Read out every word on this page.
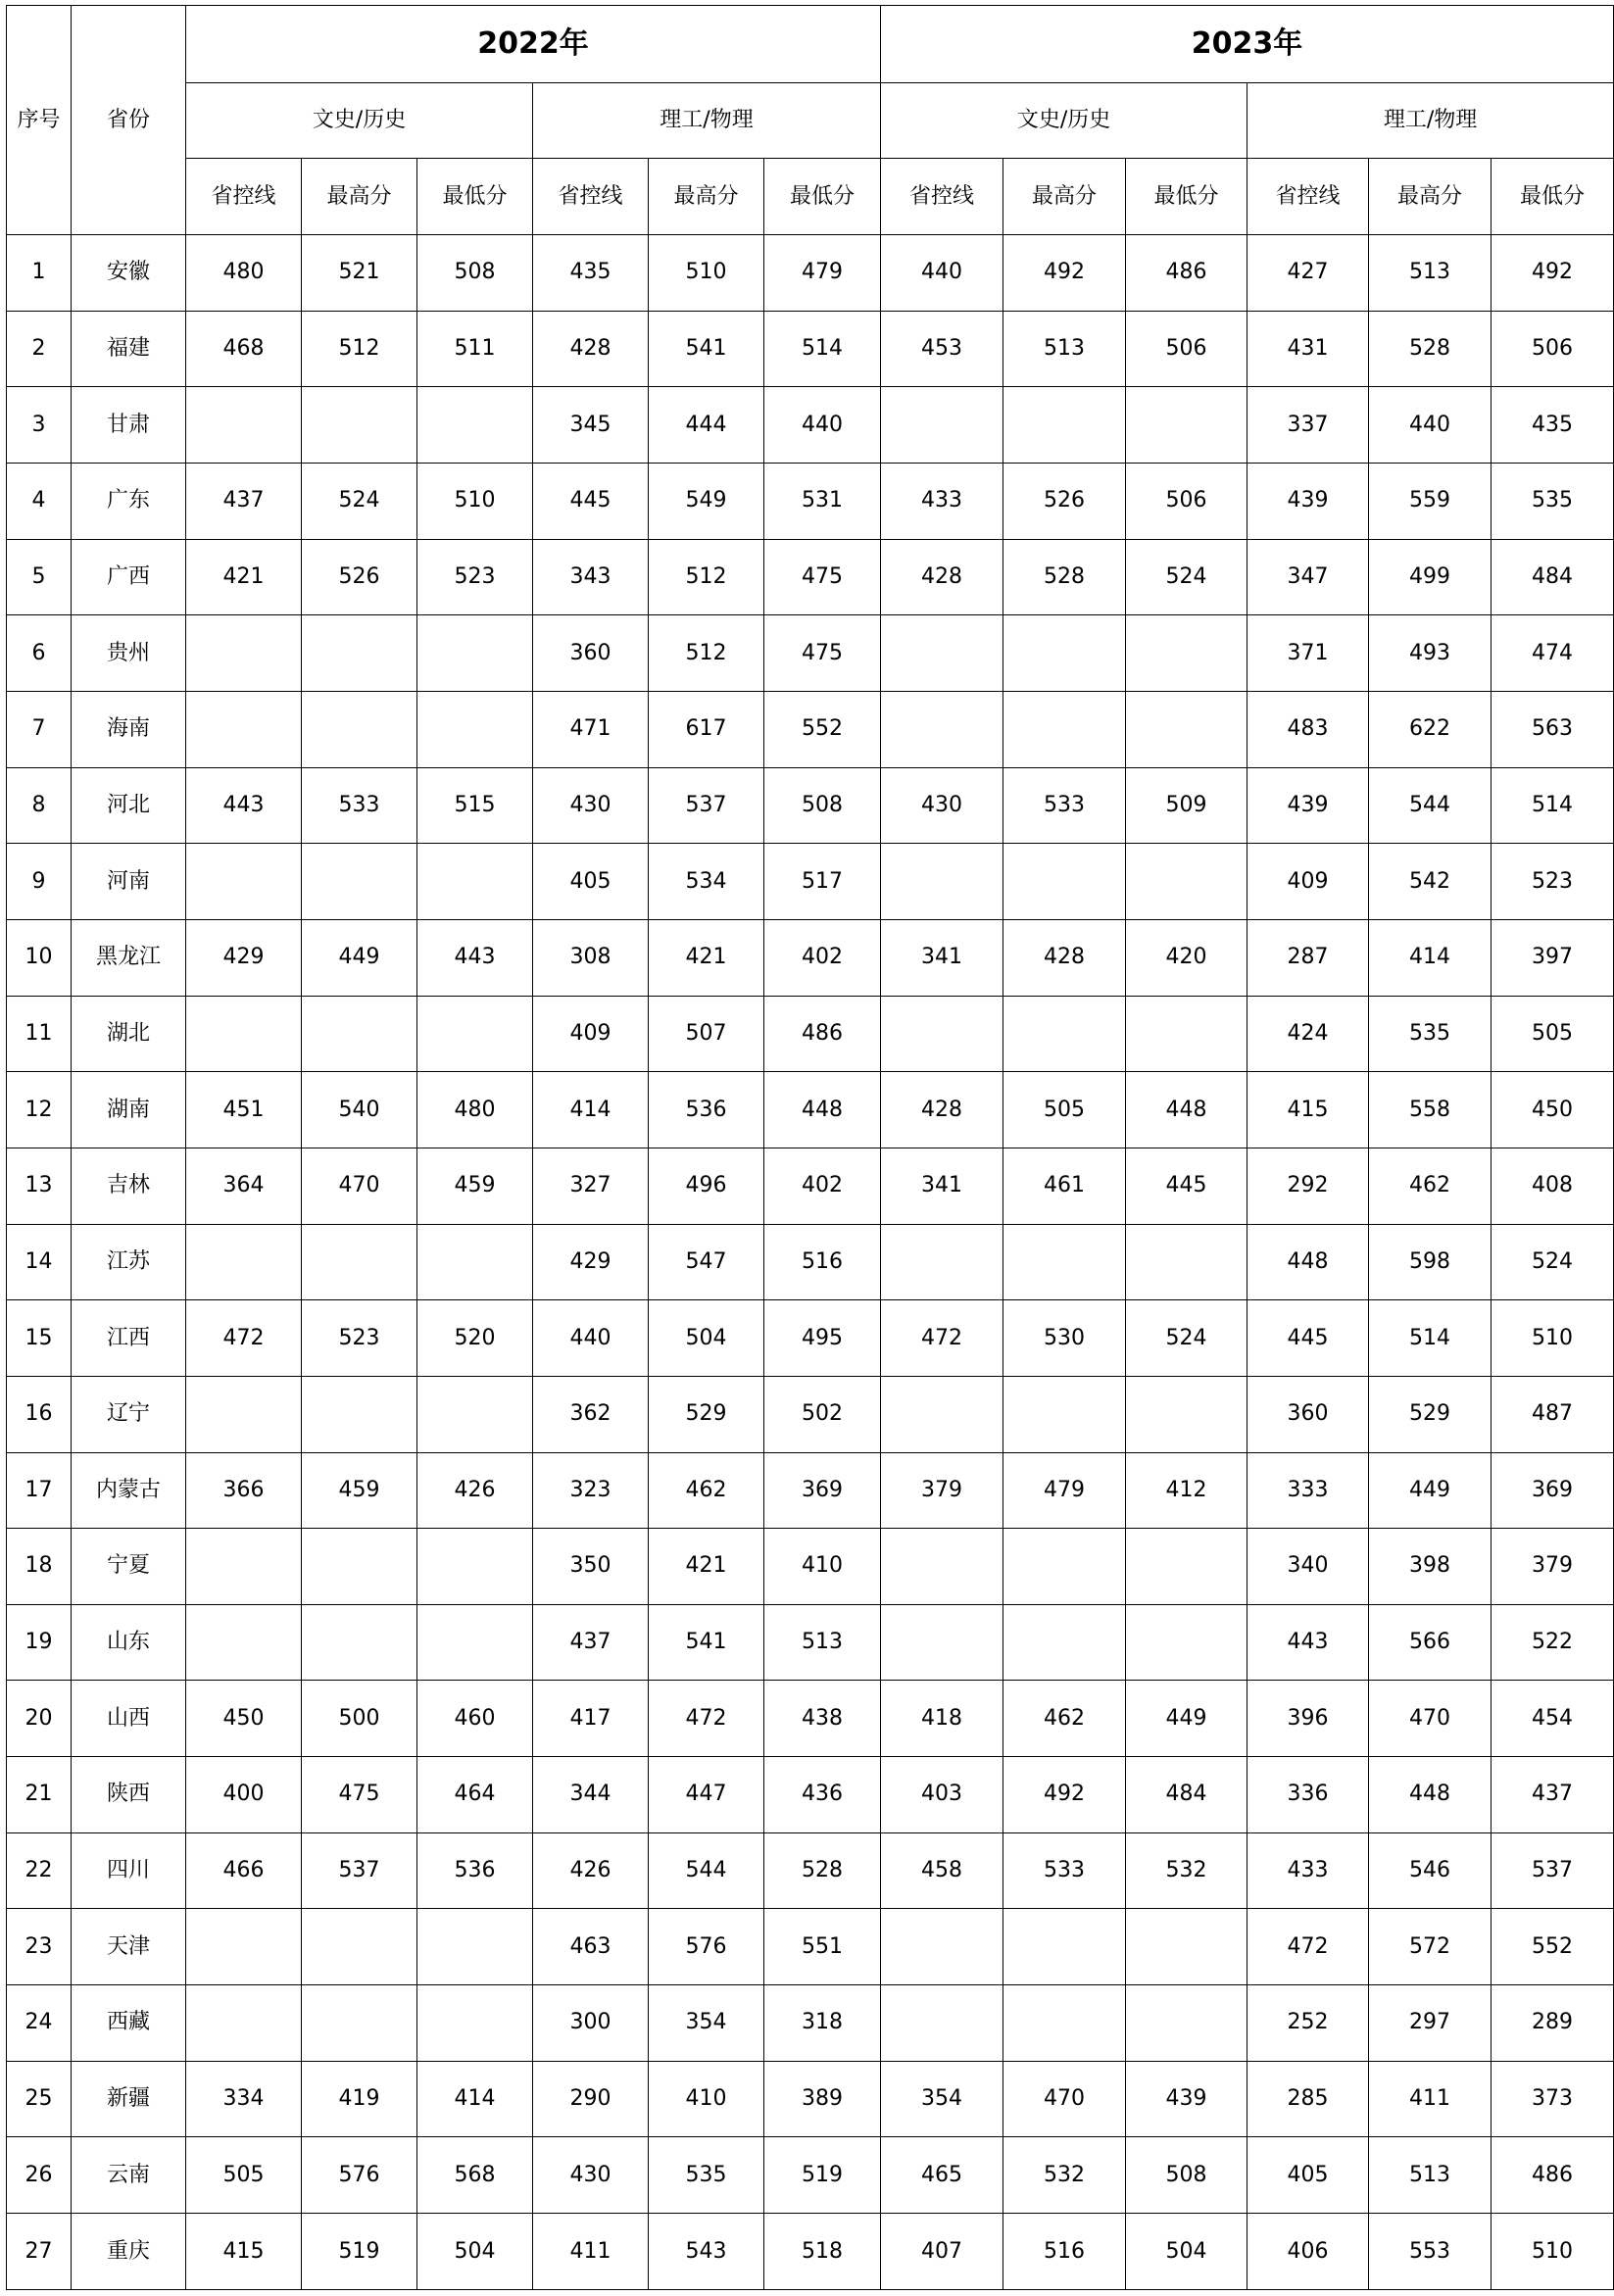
序号	省份	2022年						2023年					
		文史/历史			理工/物理			文史/历史			理工/物理		
		省控线	最高分	最低分	省控线	最高分	最低分	省控线	最高分	最低分	省控线	最高分	最低分
1	安徽	480	521	508	435	510	479	440	492	486	427	513	492
2	福建	468	512	511	428	541	514	453	513	506	431	528	506
3	甘肃				345	444	440				337	440	435
4	广东	437	524	510	445	549	531	433	526	506	439	559	535
5	广西	421	526	523	343	512	475	428	528	524	347	499	484
6	贵州				360	512	475				371	493	474
7	海南				471	617	552				483	622	563
8	河北	443	533	515	430	537	508	430	533	509	439	544	514
9	河南				405	534	517				409	542	523
10	黑龙江	429	449	443	308	421	402	341	428	420	287	414	397
11	湖北				409	507	486				424	535	505
12	湖南	451	540	480	414	536	448	428	505	448	415	558	450
13	吉林	364	470	459	327	496	402	341	461	445	292	462	408
14	江苏				429	547	516				448	598	524
15	江西	472	523	520	440	504	495	472	530	524	445	514	510
16	辽宁				362	529	502				360	529	487
17	内蒙古	366	459	426	323	462	369	379	479	412	333	449	369
18	宁夏				350	421	410				340	398	379
19	山东				437	541	513				443	566	522
20	山西	450	500	460	417	472	438	418	462	449	396	470	454
21	陕西	400	475	464	344	447	436	403	492	484	336	448	437
22	四川	466	537	536	426	544	528	458	533	532	433	546	537
23	天津				463	576	551				472	572	552
24	西藏				300	354	318				252	297	289
25	新疆	334	419	414	290	410	389	354	470	439	285	411	373
26	云南	505	576	568	430	535	519	465	532	508	405	513	486
27	重庆	415	519	504	411	543	518	407	516	504	406	553	510
